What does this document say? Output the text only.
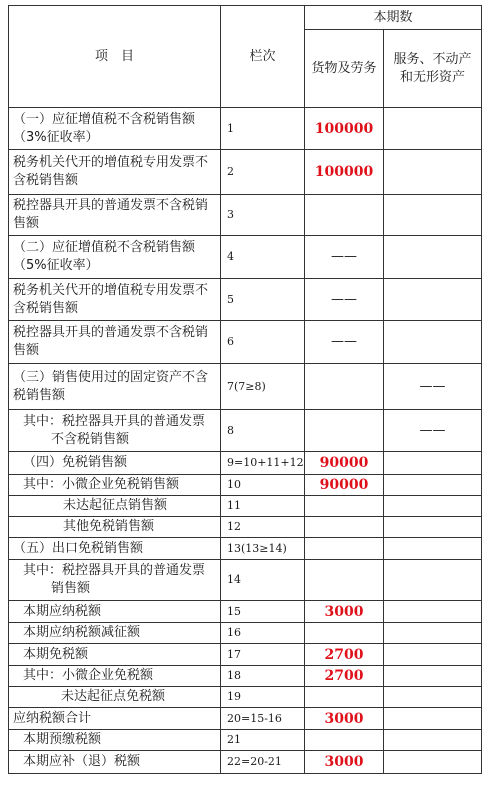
项　目	栏次	本期数	
		货物及劳务	服务、不动产和无形资产
（一）应征增值税不含税销售额（3%征收率）	1	100000	
税务机关代开的增值税专用发票不含税销售额	2	100000	
税控器具开具的普通发票不含税销售额	3		
（二）应征增值税不含税销售额（5%征收率）	4	——	
税务机关代开的增值税专用发票不含税销售额	5	——	
税控器具开具的普通发票不含税销售额	6	——	
（三）销售使用过的固定资产不含税销售额	7(7≥8)		——
其中：税控器具开具的普通发票
不含税销售额	8		——
（四）免税销售额	9=10+11+12	90000	
其中：小微企业免税销售额	10	90000	
未达起征点销售额	11		
其他免税销售额	12		
（五）出口免税销售额	13(13≥14)		
其中：税控器具开具的普通发票
销售额	14		
本期应纳税额	15	3000	
本期应纳税额减征额	16		
本期免税额	17	2700	
其中：小微企业免税额	18	2700	
未达起征点免税额	19		
应纳税额合计	20=15-16	3000	
本期预缴税额	21		
本期应补（退）税额	22=20-21	3000	
